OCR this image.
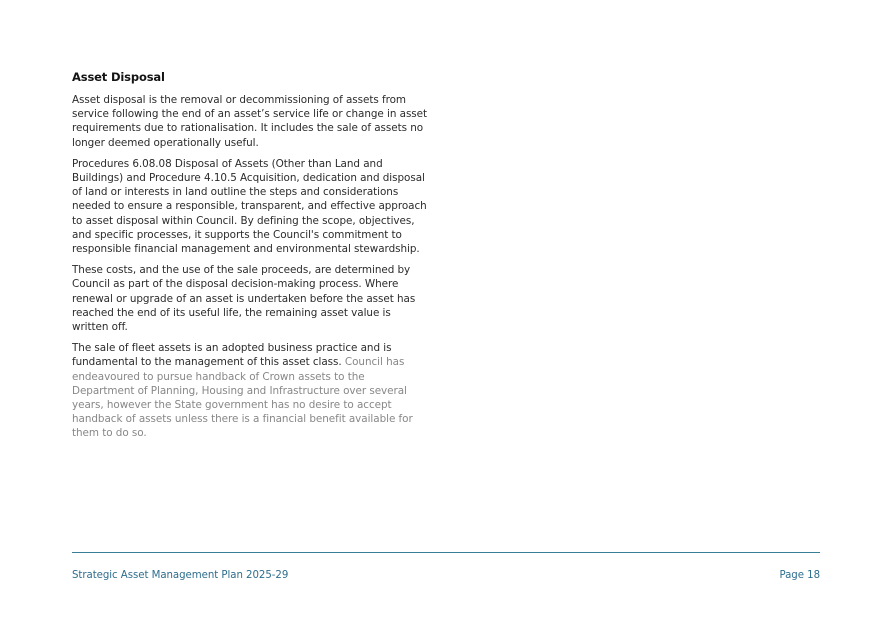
Asset Disposal

Asset disposal is the removal or decommissioning of assets from service following the end of an asset’s service life or change in asset requirements due to rationalisation. It includes the sale of assets no longer deemed operationally useful.

Procedures 6.08.08 Disposal of Assets (Other than Land and Buildings) and Procedure 4.10.5 Acquisition, dedication and disposal of land or interests in land outline the steps and considerations needed to ensure a responsible, transparent, and effective approach to asset disposal within Council. By defining the scope, objectives, and specific processes, it supports the Council's commitment to responsible financial management and environmental stewardship.

These costs, and the use of the sale proceeds, are determined by Council as part of the disposal decision-making process. Where renewal or upgrade of an asset is undertaken before the asset has reached the end of its useful life, the remaining asset value is written off.

The sale of fleet assets is an adopted business practice and is fundamental to the management of this asset class. Council has endeavoured to pursue handback of Crown assets to the Department of Planning, Housing and Infrastructure over several years, however the State government has no desire to accept handback of assets unless there is a financial benefit available for them to do so.

Strategic Asset Management Plan 2025-29	Page 18
